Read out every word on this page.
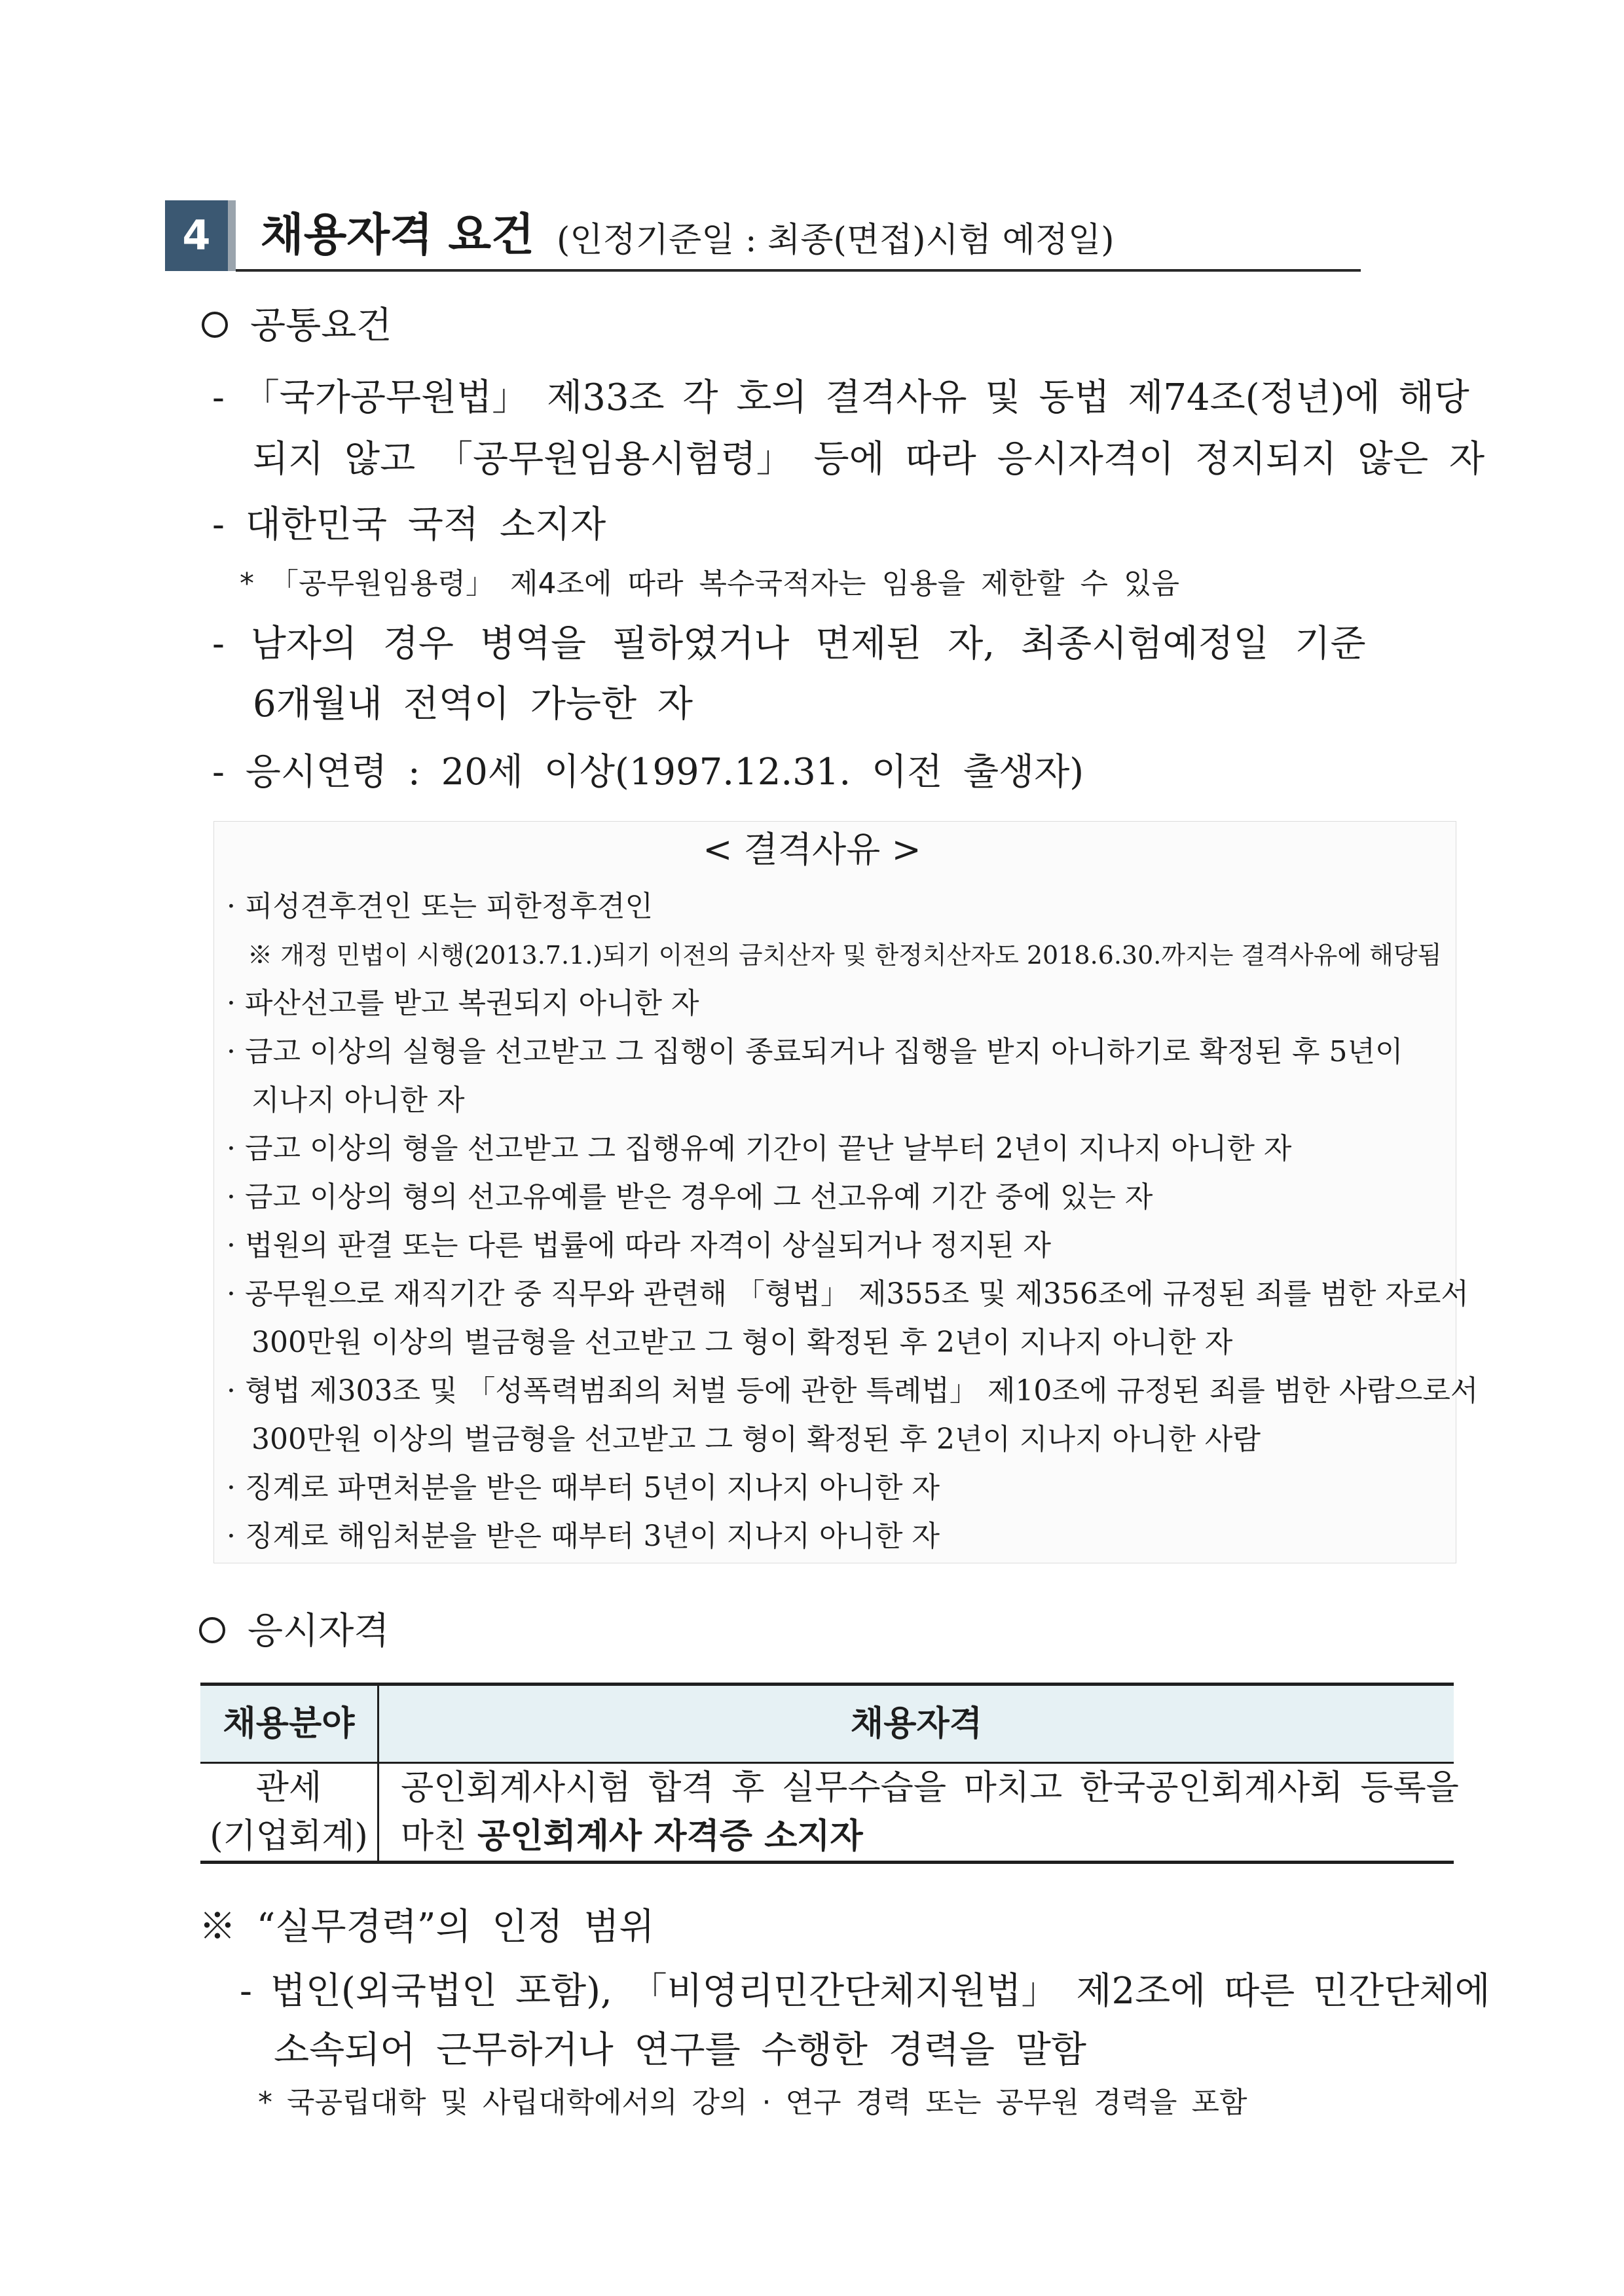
4	채용자격 요건 (인정기준일 : 최종(면접)시험 예정일)
공통요건
- 「국가공무원법」 제33조 각 호의 결격사유 및 동법 제74조(정년)에 해당
되지 않고 「공무원임용시험령」 등에 따라 응시자격이 정지되지 않은 자
- 대한민국 국적 소지자
* 「공무원임용령」 제4조에 따라 복수국적자는 임용을 제한할 수 있음
- 남자의 경우 병역을 필하였거나 면제된 자, 최종시험예정일 기준
6개월내 전역이 가능한 자
- 응시연령 : 20세 이상(1997.12.31. 이전 출생자)
< 결격사유 >
· 피성견후견인 또는 피한정후견인
※ 개정 민법이 시행(2013.7.1.)되기 이전의 금치산자 및 한정치산자도 2018.6.30.까지는 결격사유에 해당됨
· 파산선고를 받고 복권되지 아니한 자
· 금고 이상의 실형을 선고받고 그 집행이 종료되거나 집행을 받지 아니하기로 확정된 후 5년이
지나지 아니한 자
· 금고 이상의 형을 선고받고 그 집행유예 기간이 끝난 날부터 2년이 지나지 아니한 자
· 금고 이상의 형의 선고유예를 받은 경우에 그 선고유예 기간 중에 있는 자
· 법원의 판결 또는 다른 법률에 따라 자격이 상실되거나 정지된 자
· 공무원으로 재직기간 중 직무와 관련해 「형법」 제355조 및 제356조에 규정된 죄를 범한 자로서
300만원 이상의 벌금형을 선고받고 그 형이 확정된 후 2년이 지나지 아니한 자
· 형법 제303조 및 「성폭력범죄의 처벌 등에 관한 특례법」 제10조에 규정된 죄를 범한 사람으로서
300만원 이상의 벌금형을 선고받고 그 형이 확정된 후 2년이 지나지 아니한 사람
· 징계로 파면처분을 받은 때부터 5년이 지나지 아니한 자
· 징계로 해임처분을 받은 때부터 3년이 지나지 아니한 자
응시자격
채용분야	채용자격
관세
(기업회계)
공인회계사시험 합격 후 실무수습을 마치고 한국공인회계사회 등록을
마친 공인회계사 자격증 소지자
※ “실무경력”의 인정 범위
- 법인(외국법인 포함), 「비영리민간단체지원법」 제2조에 따른 민간단체에
소속되어 근무하거나 연구를 수행한 경력을 말함
* 국공립대학 및 사립대학에서의 강의 · 연구 경력 또는 공무원 경력을 포함
